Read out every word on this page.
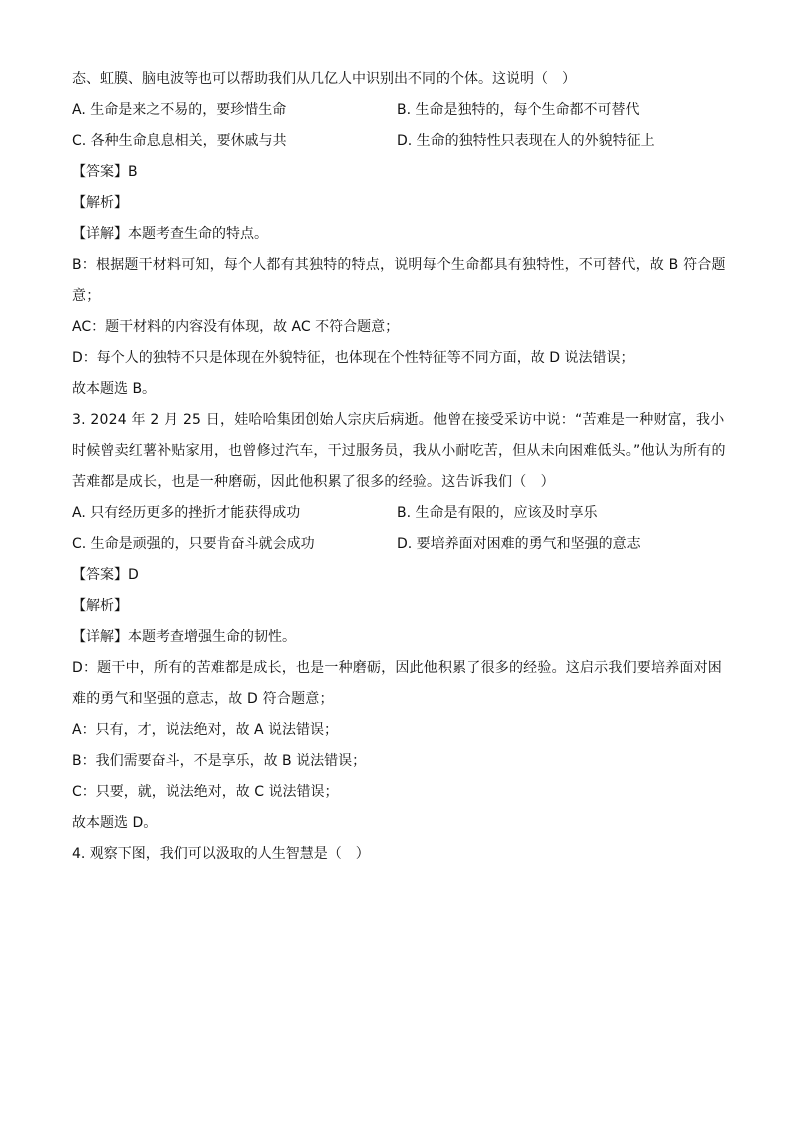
态、虹膜、脑电波等也可以帮助我们从几亿人中识别出不同的个体。这说明（　）
A. 生命是来之不易的，要珍惜生命	B. 生命是独特的，每个生命都不可替代
C. 各种生命息息相关，要休戚与共	D. 生命的独特性只表现在人的外貌特征上
【答案】B
【解析】
【详解】本题考查生命的特点。
B：根据题干材料可知，每个人都有其独特的特点，说明每个生命都具有独特性，不可替代，故 B 符合题意；
AC：题干材料的内容没有体现，故 AC 不符合题意；
D：每个人的独特不只是体现在外貌特征，也体现在个性特征等不同方面，故 D 说法错误；
故本题选 B。
3. 2024 年 2 月 25 日，娃哈哈集团创始人宗庆后病逝。他曾在接受采访中说：“苦难是一种财富，我小时候曾卖红薯补贴家用，也曾修过汽车，干过服务员，我从小耐吃苦，但从未向困难低头。”他认为所有的苦难都是成长，也是一种磨砺，因此他积累了很多的经验。这告诉我们（　）
A. 只有经历更多的挫折才能获得成功	B. 生命是有限的，应该及时享乐
C. 生命是顽强的，只要肯奋斗就会成功	D. 要培养面对困难的勇气和坚强的意志
【答案】D
【解析】
【详解】本题考查增强生命的韧性。
D：题干中，所有的苦难都是成长，也是一种磨砺，因此他积累了很多的经验。这启示我们要培养面对困难的勇气和坚强的意志，故 D 符合题意；
A：只有，才，说法绝对，故 A 说法错误；
B：我们需要奋斗，不是享乐，故 B 说法错误；
C：只要，就，说法绝对，故 C 说法错误；
故本题选 D。
4. 观察下图，我们可以汲取的人生智慧是（　）
